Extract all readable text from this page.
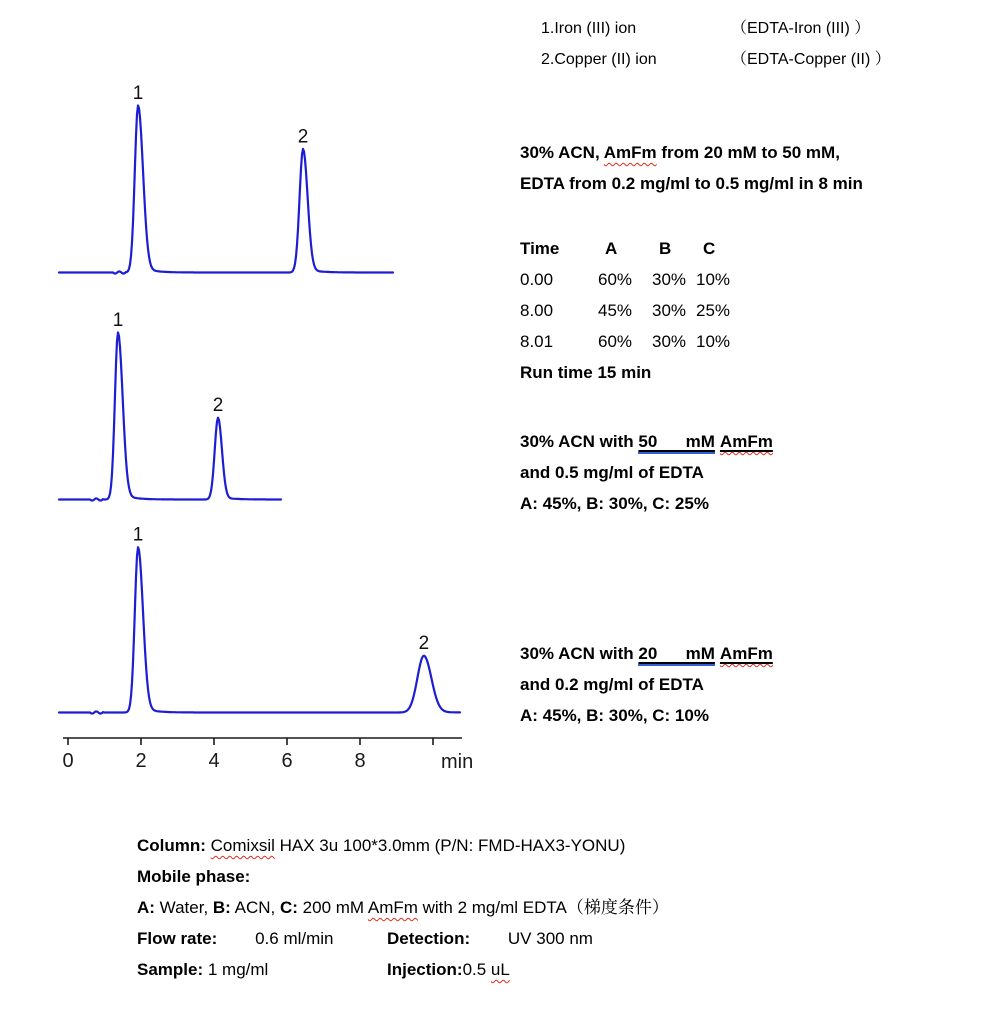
1
2
1
2
1
2
0	2	4	6	8	min
1.Iron (III) ion	（EDTA-Iron (III) ）
2.Copper (II) ion	（EDTA-Copper (II) ）
30% ACN, AmFm from 20 mM to 50 mM,
EDTA from 0.2 mg/ml to 0.5 mg/ml in 8 min
Time	A	B	C
0.00	60%	30% 10%
8.00	45%	30% 25%
8.01	60%	30% 10%
Run time 15 min
30% ACN with 50      mM AmFm
and 0.5 mg/ml of EDTA
A: 45%, B: 30%, C: 25%
30% ACN with 20      mM AmFm
and 0.2 mg/ml of EDTA
A: 45%, B: 30%, C: 10%
Column: Comixsil HAX 3u 100*3.0mm (P/N: FMD-HAX3-YONU)
Mobile phase:
A: Water, B: ACN, C: 200 mM AmFm with 2 mg/ml EDTA（梯度条件）
Flow rate:        0.6 ml/min	Detection:        UV 300 nm
Sample: 1 mg/ml	Injection:0.5 uL
